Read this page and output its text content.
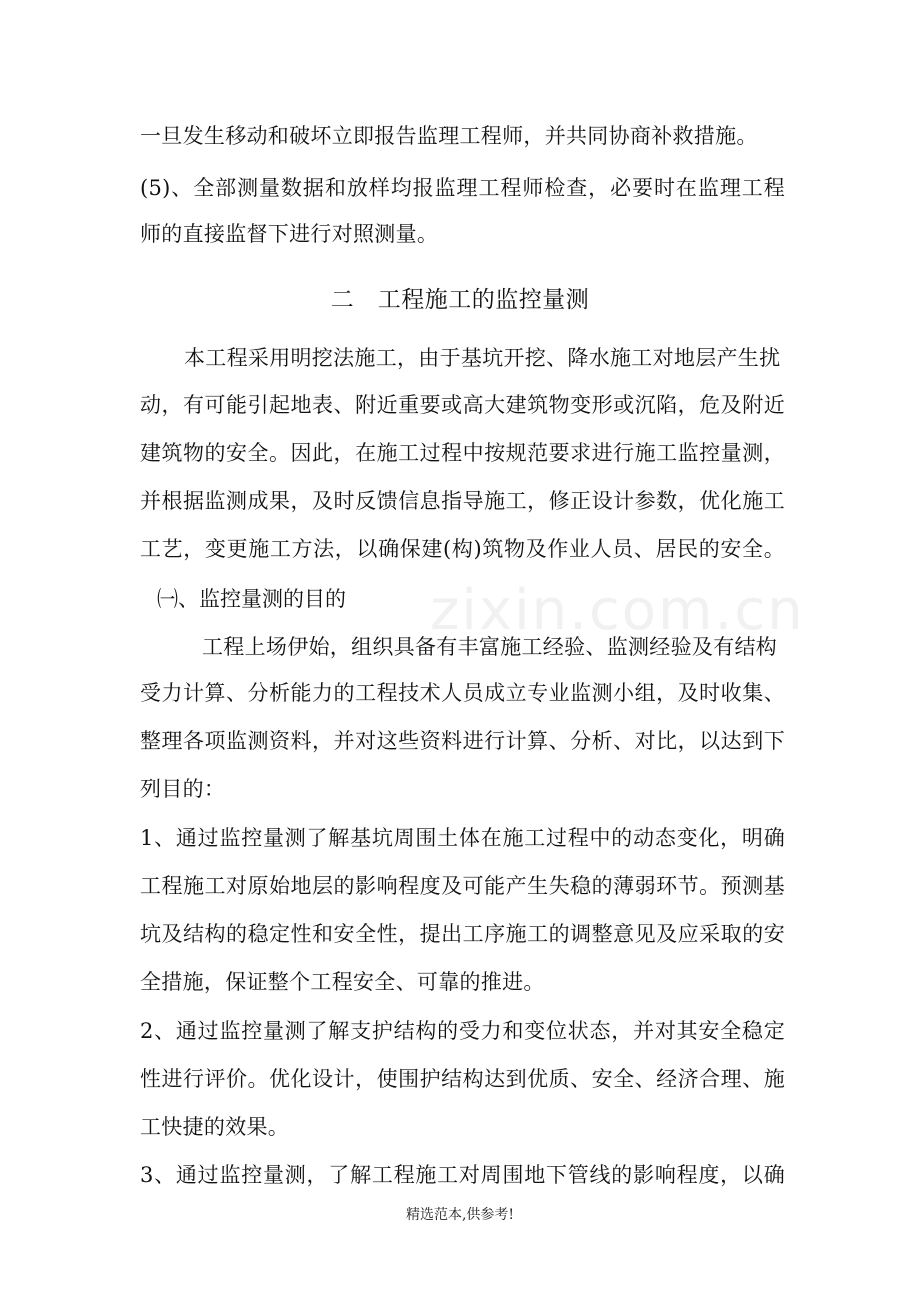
一旦发生移动和破坏立即报告监理工程师，并共同协商补救措施。
(5)、全部测量数据和放样均报监理工程师检查，必要时在监理工程
师的直接监督下进行对照测量。
二   工程施工的监控量测
本工程采用明挖法施工，由于基坑开挖、降水施工对地层产生扰
动，有可能引起地表、附近重要或高大建筑物变形或沉陷，危及附近
建筑物的安全。因此，在施工过程中按规范要求进行施工监控量测，
并根据监测成果，及时反馈信息指导施工，修正设计参数，优化施工
工艺，变更施工方法，以确保建(构)筑物及作业人员、居民的安全。
㈠、监控量测的目的
工程上场伊始，组织具备有丰富施工经验、监测经验及有结构
受力计算、分析能力的工程技术人员成立专业监测小组，及时收集、
整理各项监测资料，并对这些资料进行计算、分析、对比，以达到下
列目的：
1、通过监控量测了解基坑周围土体在施工过程中的动态变化，明确
工程施工对原始地层的影响程度及可能产生失稳的薄弱环节。预测基
坑及结构的稳定性和安全性，提出工序施工的调整意见及应采取的安
全措施，保证整个工程安全、可靠的推进。
2、通过监控量测了解支护结构的受力和变位状态，并对其安全稳定
性进行评价。优化设计，使围护结构达到优质、安全、经济合理、施
工快捷的效果。
3、通过监控量测，了解工程施工对周围地下管线的影响程度，以确
zixin.com.cn
精选范本,供参考!
